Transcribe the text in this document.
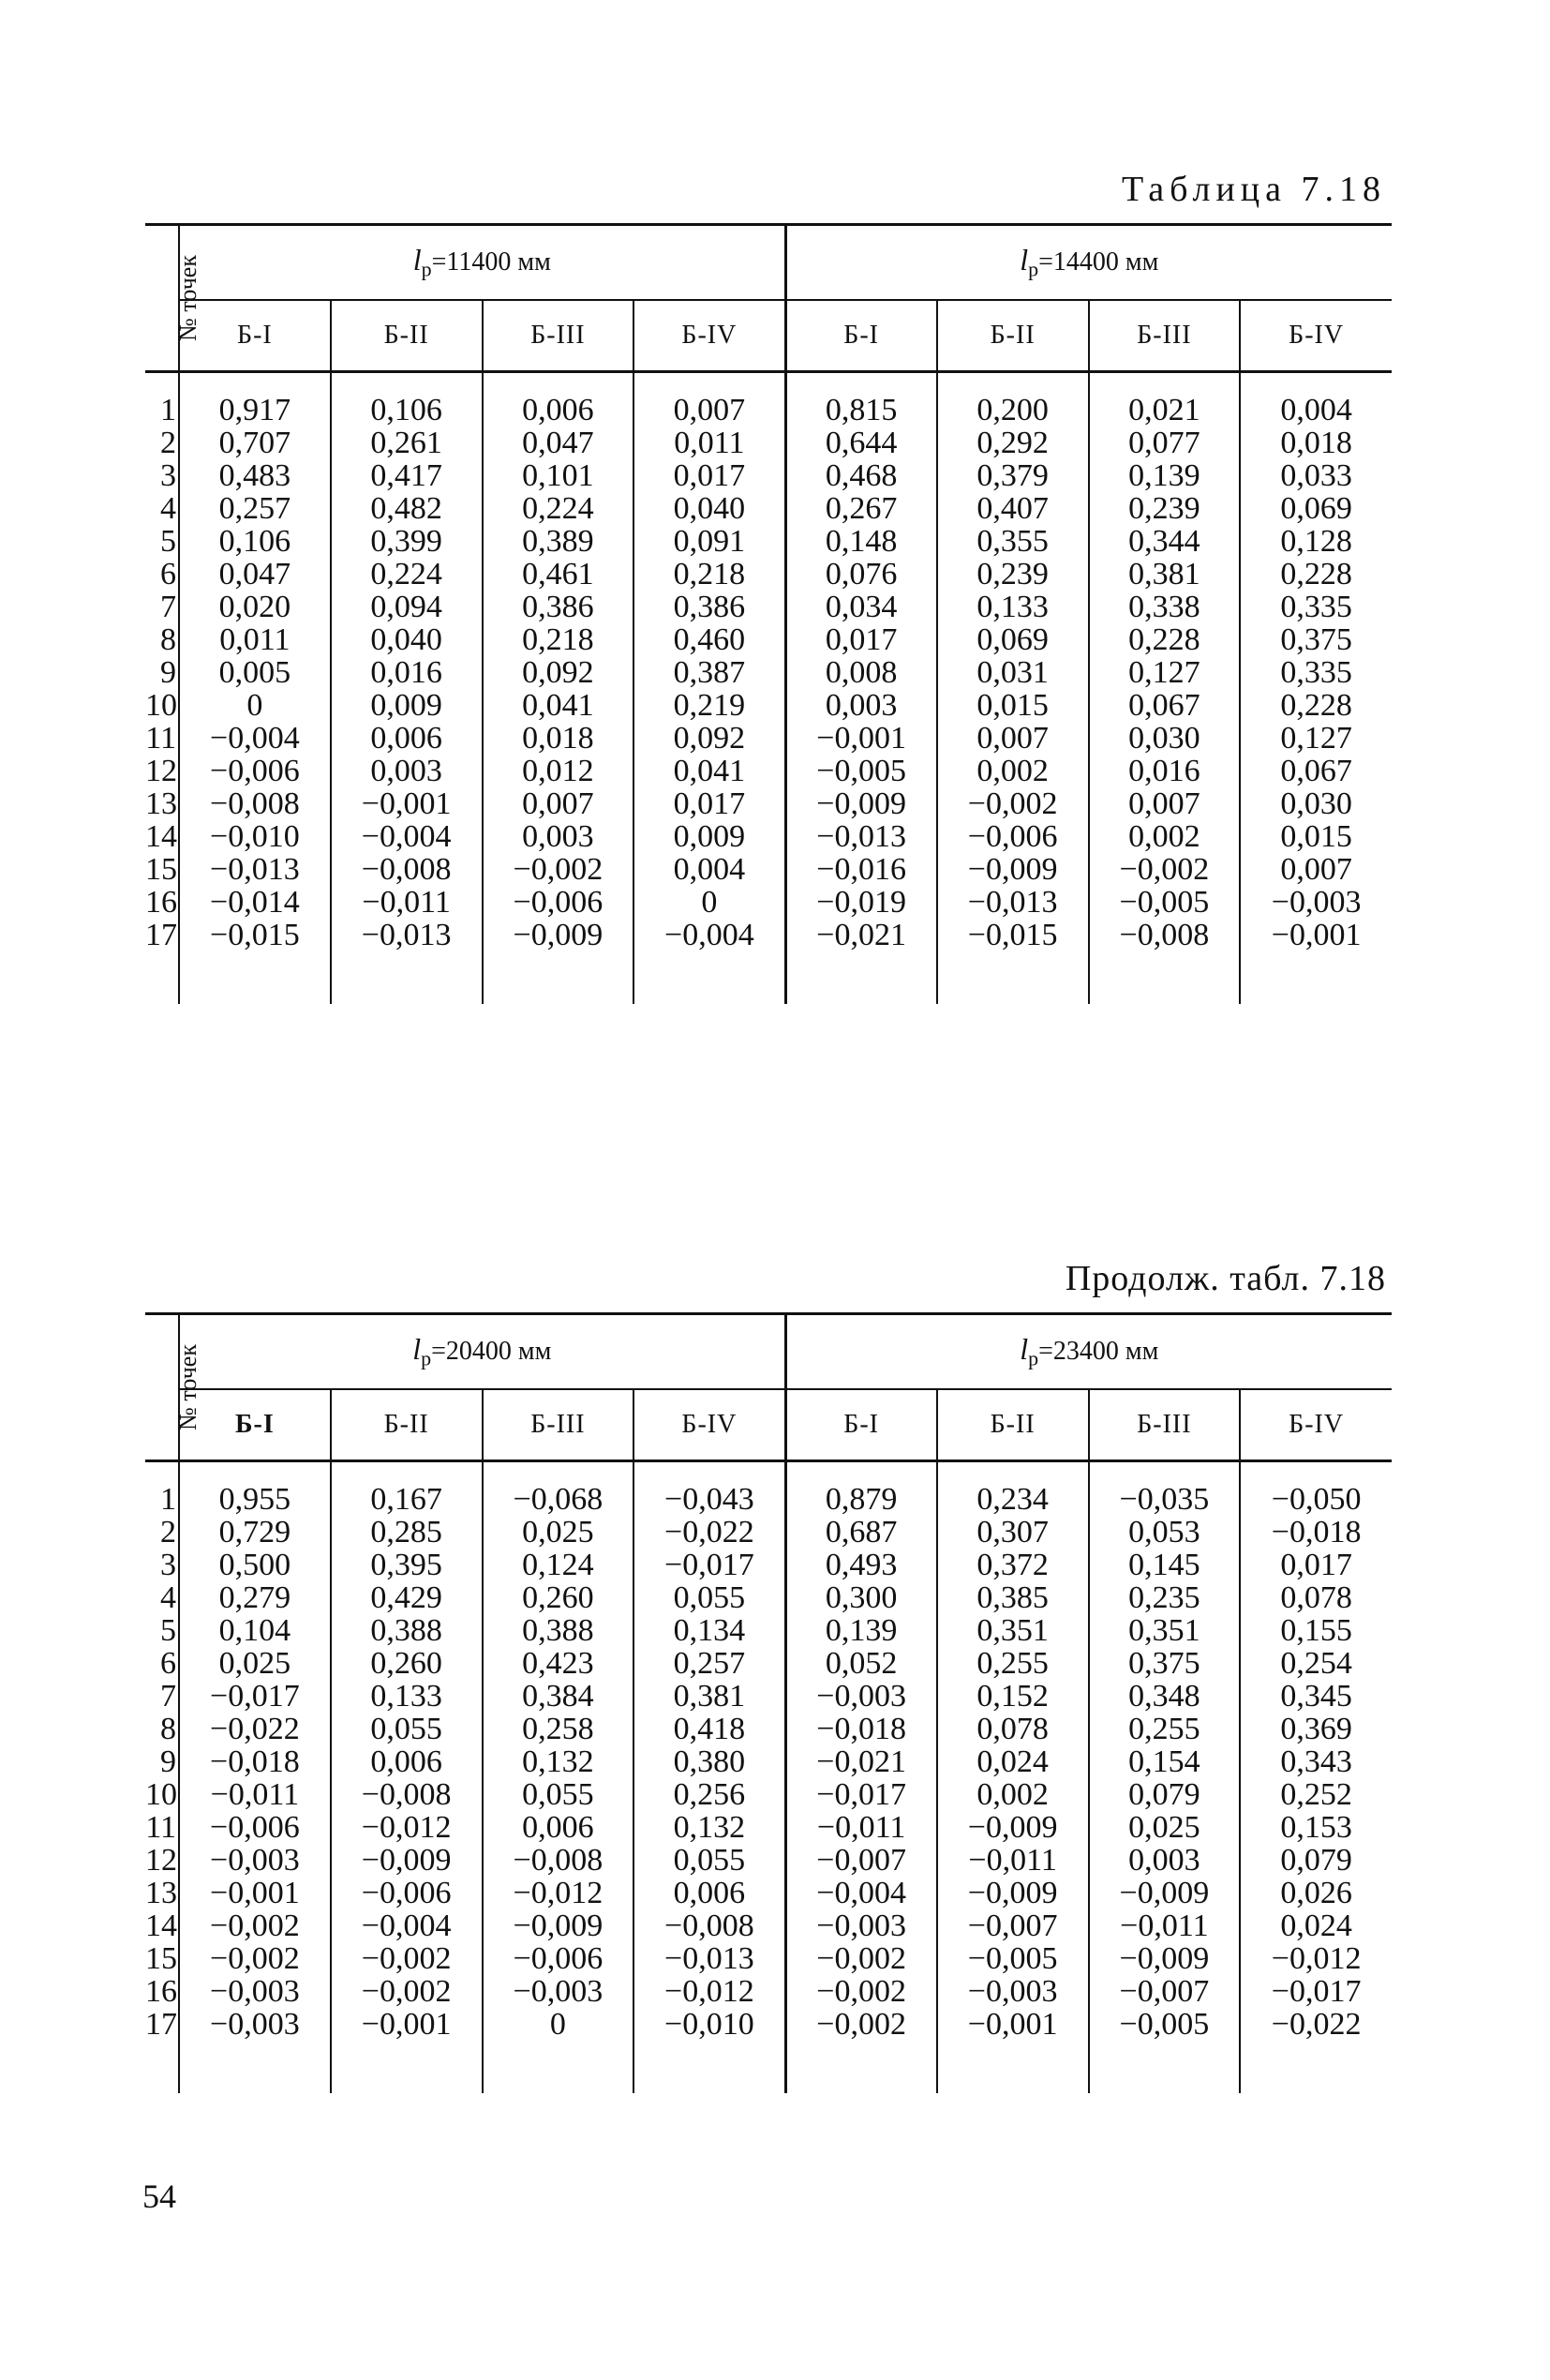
Таблица 7.18
№ точек	$l_р=11400$ мм				$l_р=14400$ мм			
	Б-I	Б-II	Б-III	Б-IV	Б-I	Б-II	Б-III	Б-IV

1	0,917	0,106	0,006	0,007	0,815	0,200	0,021	0,004
2	0,707	0,261	0,047	0,011	0,644	0,292	0,077	0,018
3	0,483	0,417	0,101	0,017	0,468	0,379	0,139	0,033
4	0,257	0,482	0,224	0,040	0,267	0,407	0,239	0,069
5	0,106	0,399	0,389	0,091	0,148	0,355	0,344	0,128
6	0,047	0,224	0,461	0,218	0,076	0,239	0,381	0,228
7	0,020	0,094	0,386	0,386	0,034	0,133	0,338	0,335
8	0,011	0,040	0,218	0,460	0,017	0,069	0,228	0,375
9	0,005	0,016	0,092	0,387	0,008	0,031	0,127	0,335
10	0	0,009	0,041	0,219	0,003	0,015	0,067	0,228
11	−0,004	0,006	0,018	0,092	−0,001	0,007	0,030	0,127
12	−0,006	0,003	0,012	0,041	−0,005	0,002	0,016	0,067
13	−0,008	−0,001	0,007	0,017	−0,009	−0,002	0,007	0,030
14	−0,010	−0,004	0,003	0,009	−0,013	−0,006	0,002	0,015
15	−0,013	−0,008	−0,002	0,004	−0,016	−0,009	−0,002	0,007
16	−0,014	−0,011	−0,006	0	−0,019	−0,013	−0,005	−0,003
17	−0,015	−0,013	−0,009	−0,004	−0,021	−0,015	−0,008	−0,001

Продолж. табл. 7.18
№ точек	$l_р=20400$ мм				$l_р=23400$ мм			
	Б-I	Б-II	Б-III	Б-IV	Б-I	Б-II	Б-III	Б-IV

1	0,955	0,167	−0,068	−0,043	0,879	0,234	−0,035	−0,050
2	0,729	0,285	0,025	−0,022	0,687	0,307	0,053	−0,018
3	0,500	0,395	0,124	−0,017	0,493	0,372	0,145	0,017
4	0,279	0,429	0,260	0,055	0,300	0,385	0,235	0,078
5	0,104	0,388	0,388	0,134	0,139	0,351	0,351	0,155
6	0,025	0,260	0,423	0,257	0,052	0,255	0,375	0,254
7	−0,017	0,133	0,384	0,381	−0,003	0,152	0,348	0,345
8	−0,022	0,055	0,258	0,418	−0,018	0,078	0,255	0,369
9	−0,018	0,006	0,132	0,380	−0,021	0,024	0,154	0,343
10	−0,011	−0,008	0,055	0,256	−0,017	0,002	0,079	0,252
11	−0,006	−0,012	0,006	0,132	−0,011	−0,009	0,025	0,153
12	−0,003	−0,009	−0,008	0,055	−0,007	−0,011	0,003	0,079
13	−0,001	−0,006	−0,012	0,006	−0,004	−0,009	−0,009	0,026
14	−0,002	−0,004	−0,009	−0,008	−0,003	−0,007	−0,011	0,024
15	−0,002	−0,002	−0,006	−0,013	−0,002	−0,005	−0,009	−0,012
16	−0,003	−0,002	−0,003	−0,012	−0,002	−0,003	−0,007	−0,017
17	−0,003	−0,001	0	−0,010	−0,002	−0,001	−0,005	−0,022

54
